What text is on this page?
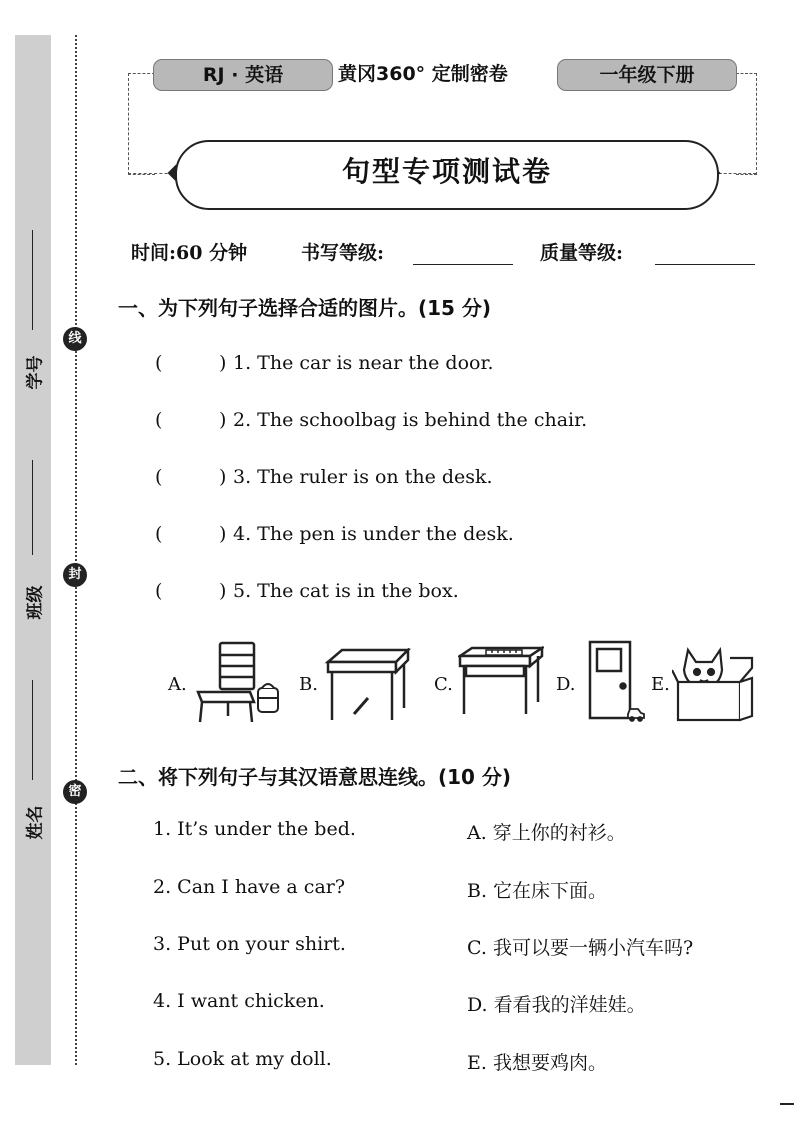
学号
班级
姓名
线
封
密
RJ · 英语	黄冈360° 定制密卷	一年级下册
句型专项测试卷
时间:60 分钟	书写等级:	质量等级:
一、为下列句子选择合适的图片。(15 分)
(	) 1. The car is near the door.
(	) 2. The schoolbag is behind the chair.
(	) 3. The ruler is on the desk.
(	) 4. The pen is under the desk.
(	) 5. The cat is in the box.
A.	B.	C.	D.	E.
二、将下列句子与其汉语意思连线。(10 分)
1. It’s under the bed.
2. Can I have a car?
3. Put on your shirt.
4. I want chicken.
5. Look at my doll.
A. 穿上你的衬衫。
B. 它在床下面。
C. 我可以要一辆小汽车吗?
D. 看看我的洋娃娃。
E. 我想要鸡肉。
